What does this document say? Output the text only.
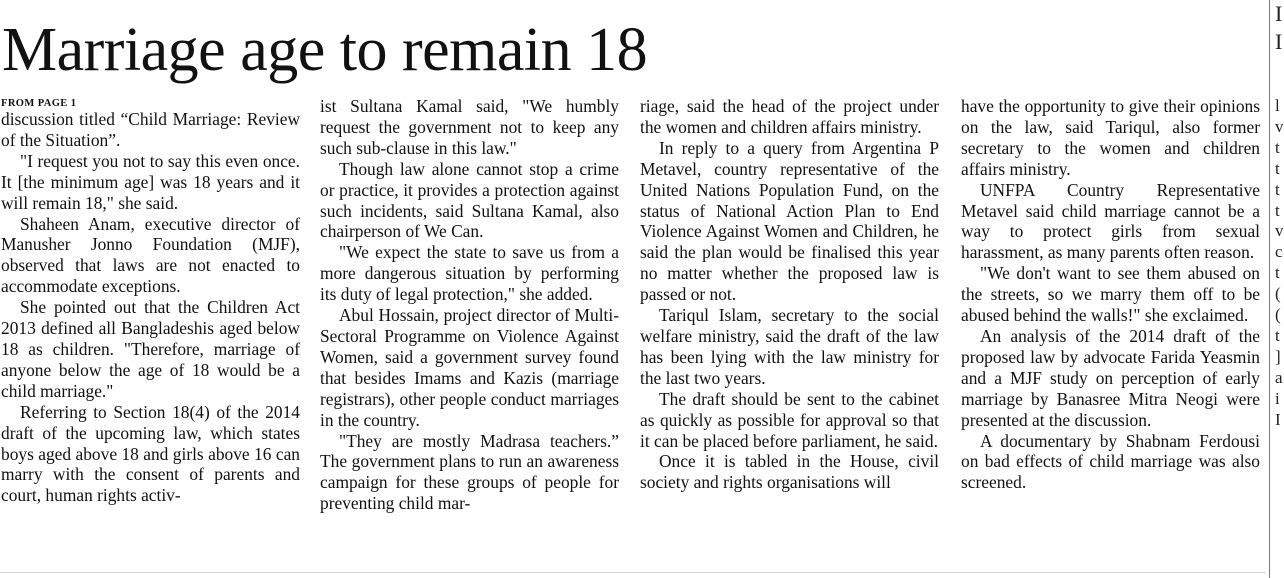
Marriage age to remain 18
FROM PAGE 1

discussion titled “Child Marriage: Review of the Situation”.

"I request you not to say this even once. It [the minimum age] was 18 years and it will remain 18," she said.

Shaheen Anam, executive director of Manusher Jonno Foundation (MJF), observed that laws are not enacted to accommodate exceptions.

She pointed out that the Children Act 2013 defined all Bangladeshis aged below 18 as children. "Therefore, marriage of anyone below the age of 18 would be a child marriage."

Referring to Section 18(4) of the 2014 draft of the upcoming law, which states boys aged above 18 and girls above 16 can marry with the consent of parents and court, human rights activ-

ist Sultana Kamal said, "We humbly request the government not to keep any such sub-clause in this law."

Though law alone cannot stop a crime or practice, it provides a protection against such incidents, said Sultana Kamal, also chairperson of We Can.

"We expect the state to save us from a more dangerous situation by performing its duty of legal protection," she added.

Abul Hossain, project director of Multi-Sectoral Programme on Violence Against Women, said a government survey found that besides Imams and Kazis (marriage registrars), other people conduct marriages in the country.

"They are mostly Madrasa teachers.” The government plans to run an awareness campaign for these groups of people for preventing child mar-

riage, said the head of the project under the women and children affairs ministry.

In reply to a query from Argentina P Metavel, country representative of the United Nations Population Fund, on the status of National Action Plan to End Violence Against Women and Children, he said the plan would be finalised this year no matter whether the proposed law is passed or not.

Tariqul Islam, secretary to the social welfare ministry, said the draft of the law has been lying with the law ministry for the last two years.

The draft should be sent to the cabinet as quickly as possible for approval so that it can be placed before parliament, he said.

Once it is tabled in the House, civil society and rights organisations will

have the opportunity to give their opinions on the law, said Tariqul, also former secretary to the women and children affairs ministry.

UNFPA Country Representative Metavel said child marriage cannot be a way to protect girls from sexual harassment, as many parents often reason.

"We don't want to see them abused on the streets, so we marry them off to be abused behind the walls!" she exclaimed.

An analysis of the 2014 draft of the proposed law by advocate Farida Yeasmin and a MJF study on perception of early marriage by Banasree Mitra Neogi were presented at the discussion.

A documentary by Shabnam Ferdousi on bad effects of child marriage was also screened.

I
I
l
v
t
t
t
t
v
c
t
(
(
t
]
a
i
I
